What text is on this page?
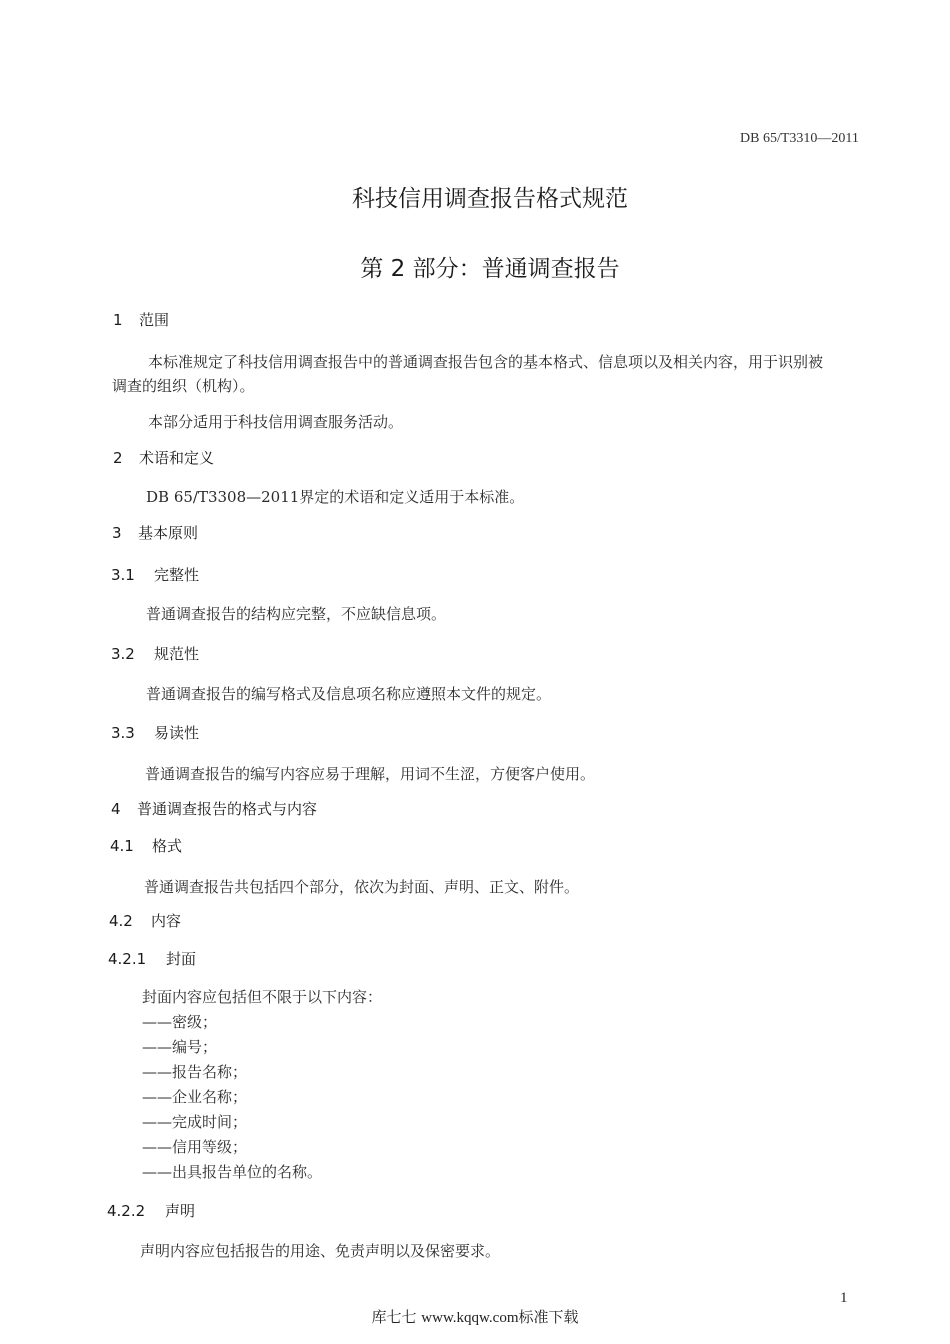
DB 65/T3310—2011
科技信用调查报告格式规范
第 2 部分：普通调查报告
1 范围
本标准规定了科技信用调查报告中的普通调查报告包含的基本格式、信息项以及相关内容，用于识别被调查的组织（机构）。
本部分适用于科技信用调查服务活动。
2 术语和定义
DB 65/T3308—2011界定的术语和定义适用于本标准。
3 基本原则
3.1 完整性
普通调查报告的结构应完整，不应缺信息项。
3.2 规范性
普通调查报告的编写格式及信息项名称应遵照本文件的规定。
3.3 易读性
普通调查报告的编写内容应易于理解，用词不生涩，方便客户使用。
4 普通调查报告的格式与内容
4.1 格式
普通调查报告共包括四个部分，依次为封面、声明、正文、附件。
4.2 内容
4.2.1 封面
封面内容应包括但不限于以下内容：
——密级；
——编号；
——报告名称；
——企业名称；
——完成时间；
——信用等级；
——出具报告单位的名称。
4.2.2 声明
声明内容应包括报告的用途、免责声明以及保密要求。
1
库七七 www.kqqw.com标准下载
